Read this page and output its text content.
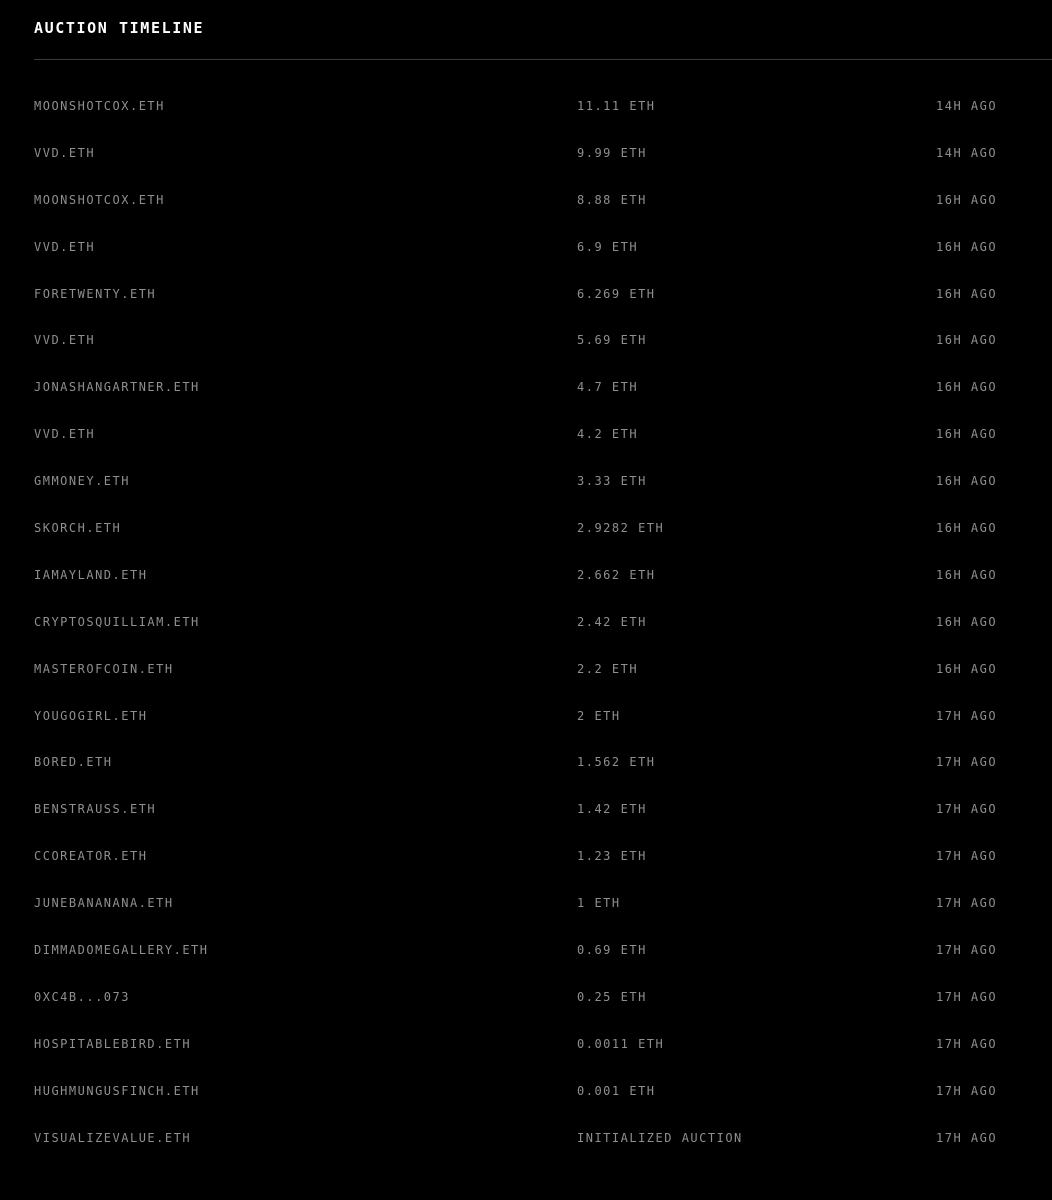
AUCTION TIMELINE
MOONSHOTCOX.ETH	11.11 ETH	14H AGO
VVD.ETH	9.99 ETH	14H AGO
MOONSHOTCOX.ETH	8.88 ETH	16H AGO
VVD.ETH	6.9 ETH	16H AGO
FORETWENTY.ETH	6.269 ETH	16H AGO
VVD.ETH	5.69 ETH	16H AGO
JONASHANGARTNER.ETH	4.7 ETH	16H AGO
VVD.ETH	4.2 ETH	16H AGO
GMMONEY.ETH	3.33 ETH	16H AGO
SKORCH.ETH	2.9282 ETH	16H AGO
IAMAYLAND.ETH	2.662 ETH	16H AGO
CRYPTOSQUILLIAM.ETH	2.42 ETH	16H AGO
MASTEROFCOIN.ETH	2.2 ETH	16H AGO
YOUGOGIRL.ETH	2 ETH	17H AGO
BORED.ETH	1.562 ETH	17H AGO
BENSTRAUSS.ETH	1.42 ETH	17H AGO
CCOREATOR.ETH	1.23 ETH	17H AGO
JUNEBANANANA.ETH	1 ETH	17H AGO
DIMMADOMEGALLERY.ETH	0.69 ETH	17H AGO
0XC4B...073	0.25 ETH	17H AGO
HOSPITABLEBIRD.ETH	0.0011 ETH	17H AGO
HUGHMUNGUSFINCH.ETH	0.001 ETH	17H AGO
VISUALIZEVALUE.ETH	INITIALIZED AUCTION	17H AGO
